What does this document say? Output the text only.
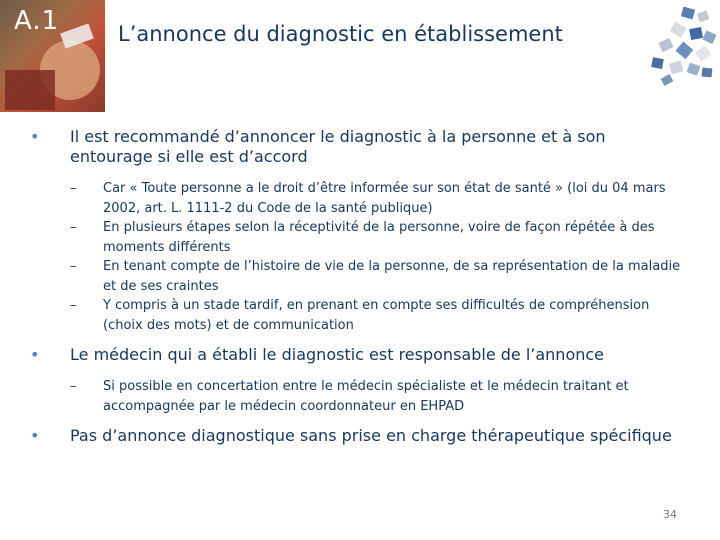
A.1	L’annonce du diagnostic en établissement
• Il est recommandé d’annoncer le diagnostic à la personne et à son entourage si elle est d’accord
– Car « Toute personne a le droit d’être informée sur son état de santé » (loi du 04 mars 2002, art. L. 1111-2 du Code de la santé publique)
– En plusieurs étapes selon la réceptivité de la personne, voire de façon répétée à des moments différents
– En tenant compte de l’histoire de vie de la personne, de sa représentation de la maladie et de ses craintes
– Y compris à un stade tardif, en prenant en compte ses difficultés de compréhension (choix des mots) et de communication
• Le médecin qui a établi le diagnostic est responsable de l’annonce
– Si possible en concertation entre le médecin spécialiste et le médecin traitant et accompagnée par le médecin coordonnateur en EHPAD
• Pas d’annonce diagnostique sans prise en charge thérapeutique spécifique
34
